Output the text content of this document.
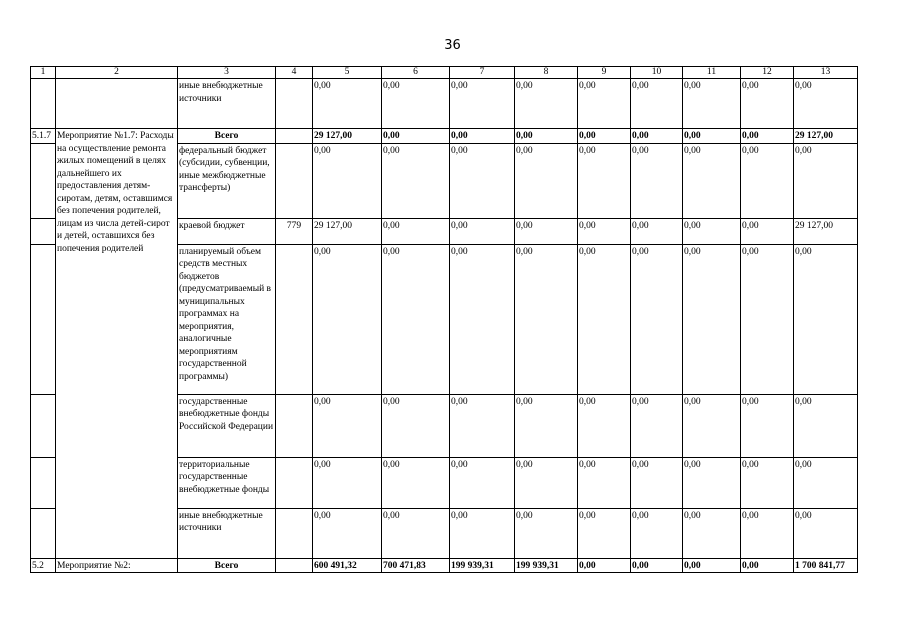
36
1	2	3	4	5	6	7	8	9	10	11	12	13
		иные внебюджетные источники		0,00	0,00	0,00	0,00	0,00	0,00	0,00	0,00	0,00
5.1.7	Мероприятие №1.7: Расходы на осуществление ремонта жилых помещений в целях дальнейшего их предоставления детям-сиротам, детям, оставшимся без попечения родителей, лицам из числа детей-сирот и детей, оставшихся без попечения родителей	Всего		29 127,00	0,00	0,00	0,00	0,00	0,00	0,00	0,00	29 127,00
		федеральный бюджет (субсидии, субвенции, иные межбюджетные трансферты)		0,00	0,00	0,00	0,00	0,00	0,00	0,00	0,00	0,00
		краевой бюджет	779	29 127,00	0,00	0,00	0,00	0,00	0,00	0,00	0,00	29 127,00
		планируемый объем средств местных бюджетов (предусматриваемый в муниципальных программах на мероприятия, аналогичные мероприятиям государственной программы)		0,00	0,00	0,00	0,00	0,00	0,00	0,00	0,00	0,00
		государственные внебюджетные фонды Российской Федерации		0,00	0,00	0,00	0,00	0,00	0,00	0,00	0,00	0,00
		территориальные государственные внебюджетные фонды		0,00	0,00	0,00	0,00	0,00	0,00	0,00	0,00	0,00
		иные внебюджетные источники		0,00	0,00	0,00	0,00	0,00	0,00	0,00	0,00	0,00
5.2	Мероприятие №2:	Всего		600 491,32	700 471,83	199 939,31	199 939,31	0,00	0,00	0,00	0,00	1 700 841,77
